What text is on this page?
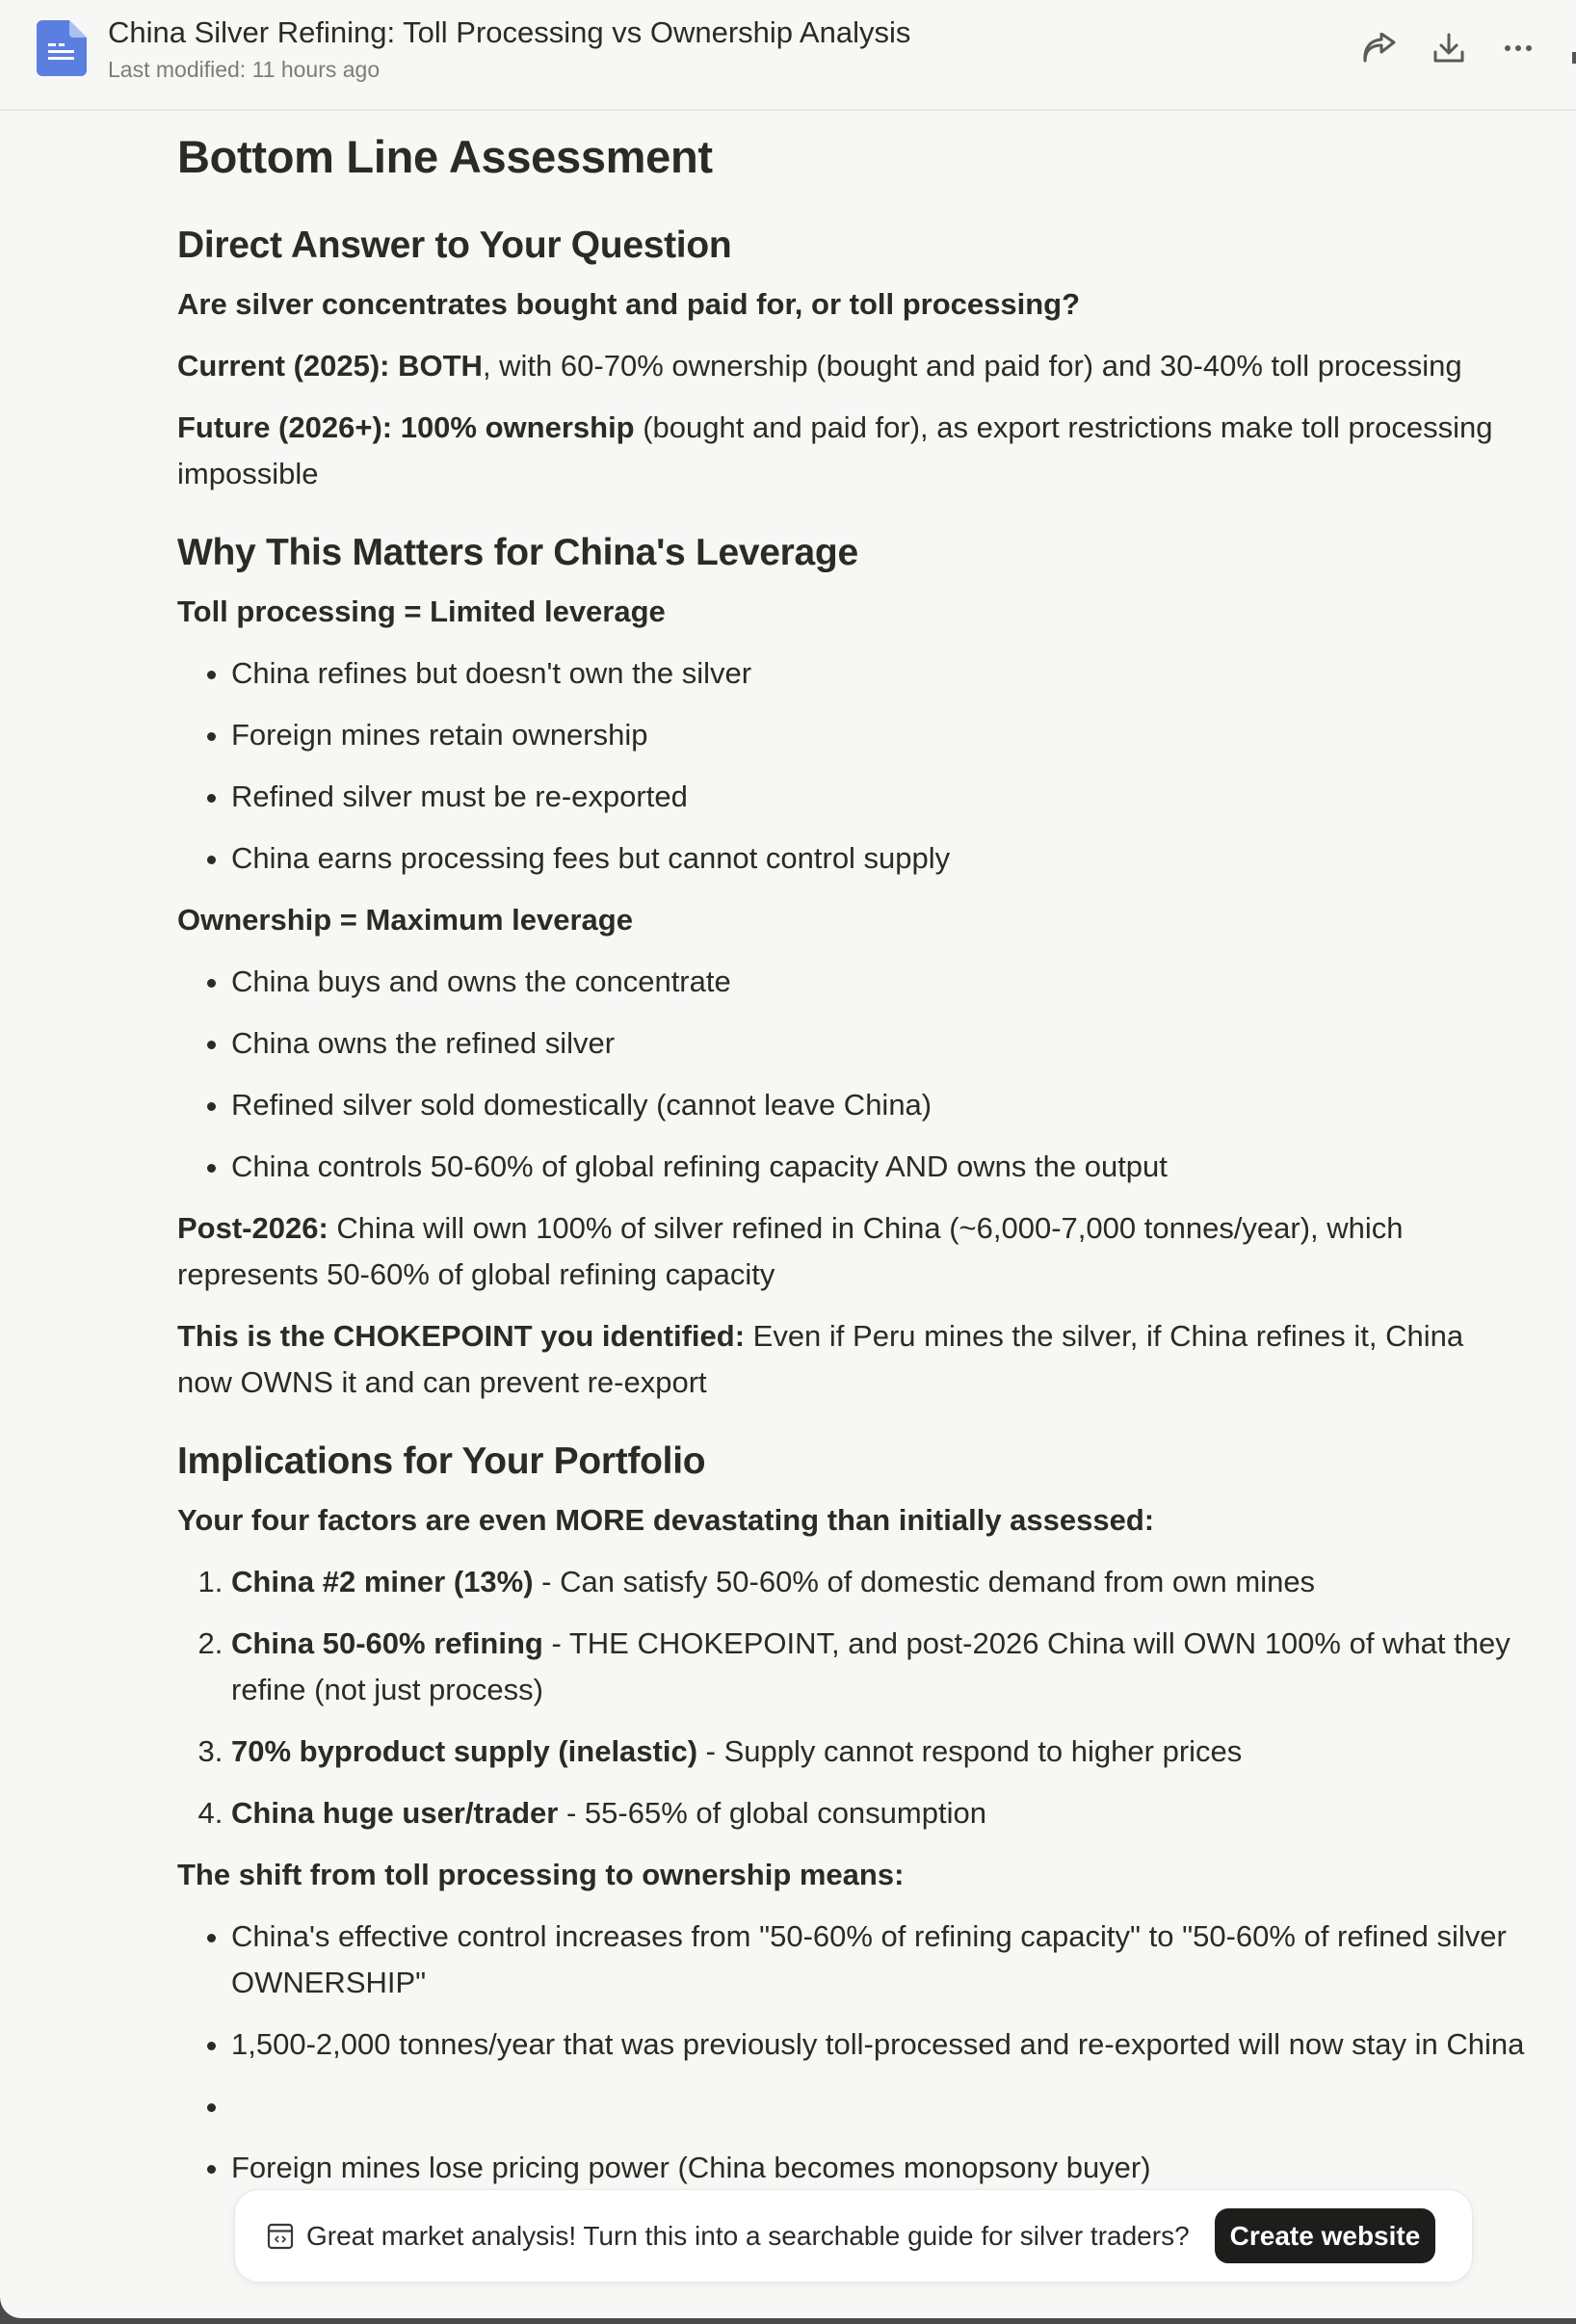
China Silver Refining: Toll Processing vs Ownership Analysis
Last modified: 11 hours ago
Bottom Line Assessment
Direct Answer to Your Question

Are silver concentrates bought and paid for, or toll processing?

Current (2025): BOTH, with 60-70% ownership (bought and paid for) and 30-40% toll processing

Future (2026+): 100% ownership (bought and paid for), as export restrictions make toll processing impossible

Why This Matters for China's Leverage

Toll processing = Limited leverage

• China refines but doesn't own the silver
• Foreign mines retain ownership
• Refined silver must be re-exported
• China earns processing fees but cannot control supply

Ownership = Maximum leverage

• China buys and owns the concentrate
• China owns the refined silver
• Refined silver sold domestically (cannot leave China)
• China controls 50-60% of global refining capacity AND owns the output

Post-2026: China will own 100% of silver refined in China (~6,000-7,000 tonnes/year), which represents 50-60% of global refining capacity

This is the CHOKEPOINT you identified: Even if Peru mines the silver, if China refines it, China now OWNS it and can prevent re-export

Implications for Your Portfolio

Your four factors are even MORE devastating than initially assessed:

1. China #2 miner (13%) - Can satisfy 50-60% of domestic demand from own mines
2. China 50-60% refining - THE CHOKEPOINT, and post-2026 China will OWN 100% of what they refine (not just process)
3. 70% byproduct supply (inelastic) - Supply cannot respond to higher prices
4. China huge user/trader - 55-65% of global consumption

The shift from toll processing to ownership means:

• China's effective control increases from "50-60% of refining capacity" to "50-60% of refined silver OWNERSHIP"
• 1,500-2,000 tonnes/year that was previously toll-processed and re-exported will now stay in China
•
• Foreign mines lose pricing power (China becomes monopsony buyer)
Great market analysis! Turn this into a searchable guide for silver traders?	Create website
